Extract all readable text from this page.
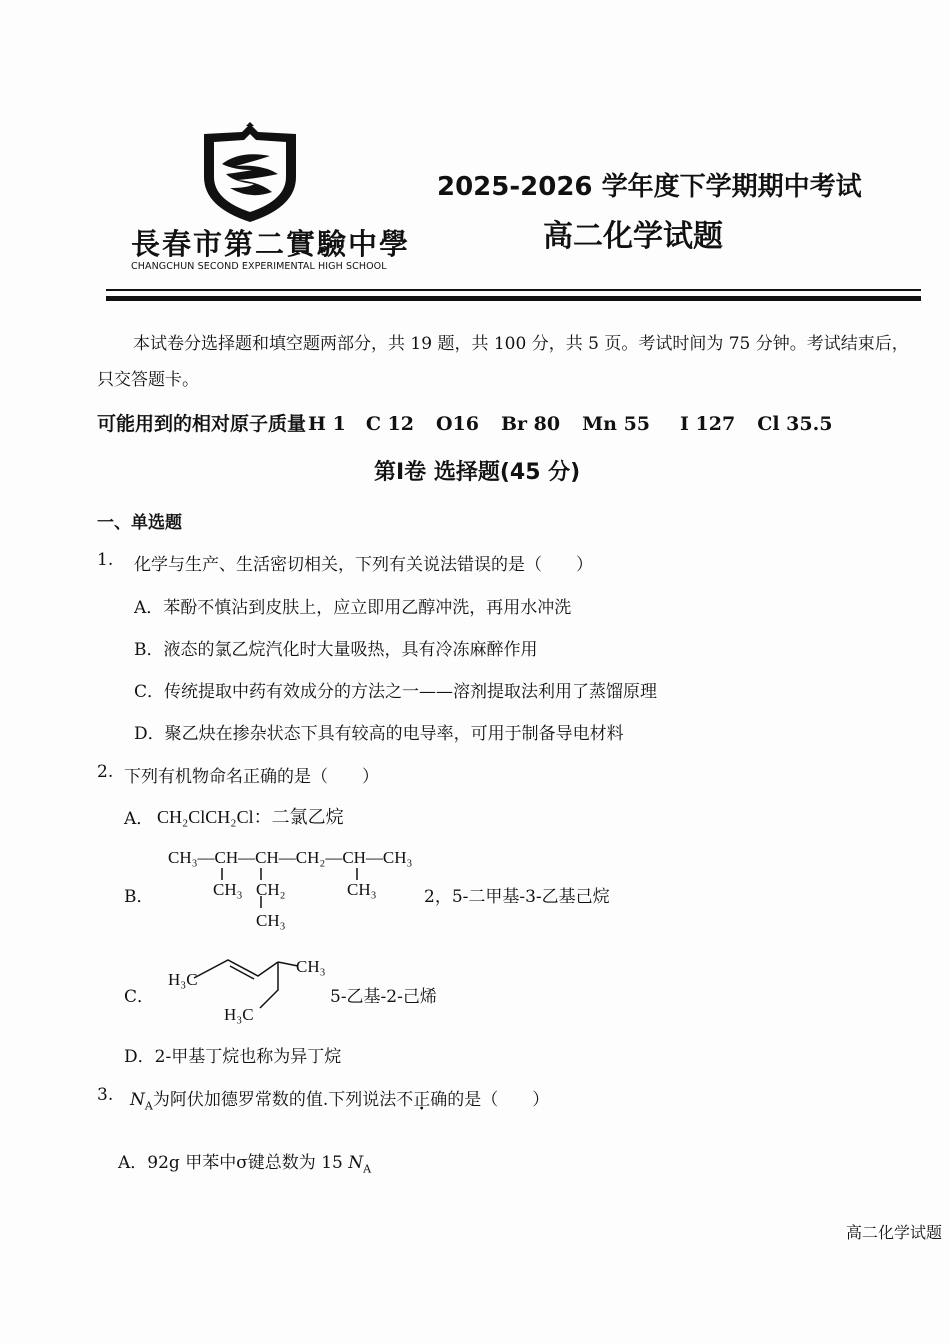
長春市第二實驗中學
CHANGCHUN SECOND EXPERIMENTAL HIGH SCHOOL
2025-2026 学年度下学期期中考试
高二化学试题
本试卷分选择题和填空题两部分，共 19 题，共 100 分，共 5 页。考试时间为 75 分钟。考试结束后，只交答题卡。
可能用到的相对原子质量 H 1 C 12 O16 Br 80 Mn 55 I 127 Cl 35.5
第Ⅰ卷 选择题(45 分)
一、单选题
1. 化学与生产、生活密切相关，下列有关说法错误的是（　　）
A．苯酚不慎沾到皮肤上，应立即用乙醇冲洗，再用水冲洗
B．液态的氯乙烷汽化时大量吸热，具有冷冻麻醉作用
C．传统提取中药有效成分的方法之一——溶剂提取法利用了蒸馏原理
D．聚乙炔在掺杂状态下具有较高的电导率，可用于制备导电材料
2. 下列有机物命名正确的是（　　）
A． CH₂ClCH₂Cl：二氯乙烷
B．
CH₃—CH—CH—CH₂—CH—CH₃
CH₃ CH₂
CH₃
CH₃	2，5-二甲基-3-乙基己烷
C．
H₃C
CH₃
H₃C
5-乙基-2-己烯
D．2-甲基丁烷也称为异丁烷
3. $N_A$为阿伏加德罗常数的值.下列说法不正确的是（　　）
A．92g 甲苯中σ键总数为 15 $N_A$
高二化学试题
